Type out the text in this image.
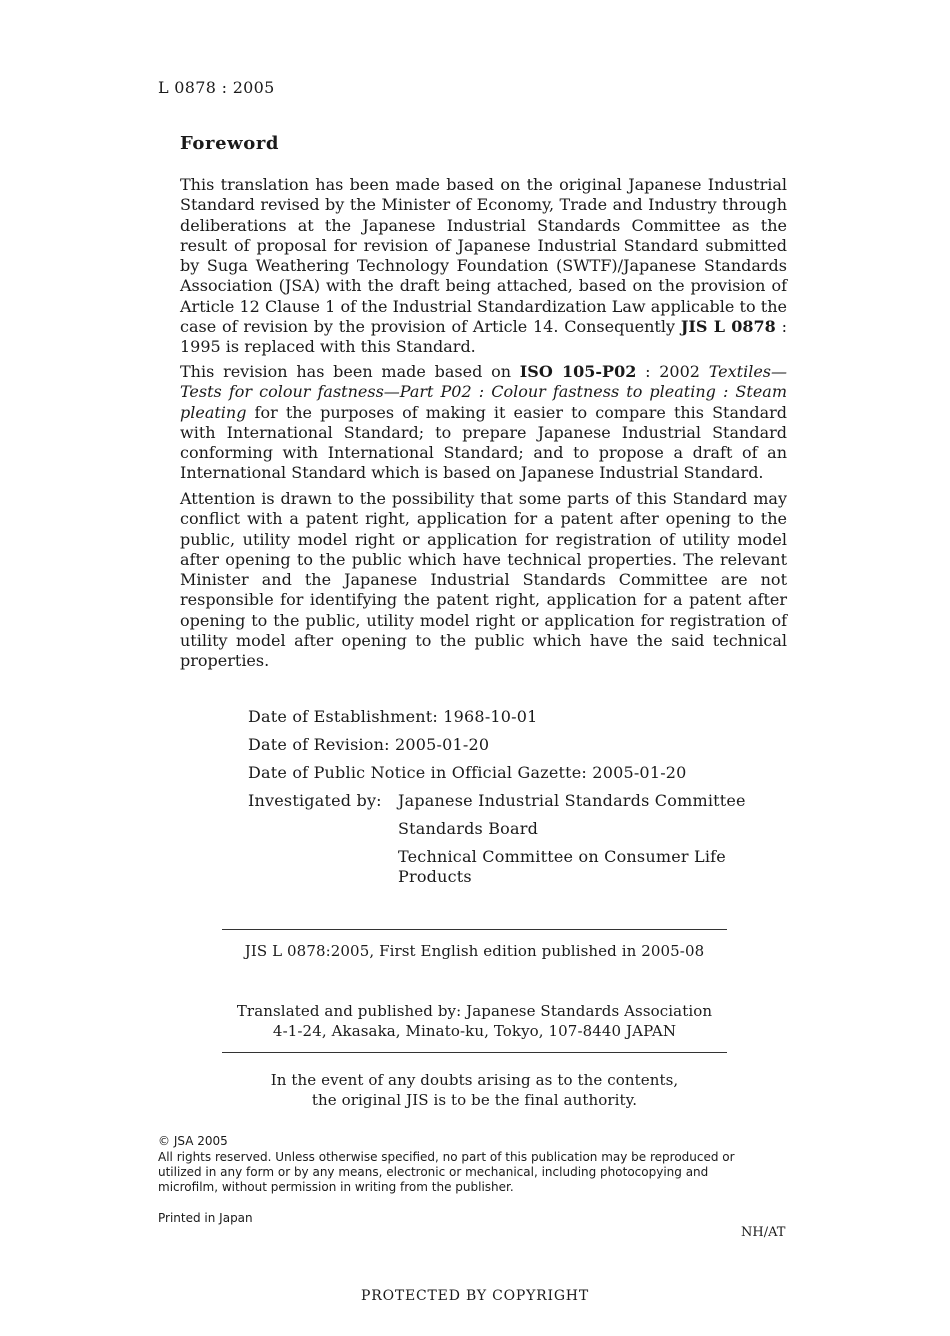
L 0878 : 2005
Foreword
This translation has been made based on the original Japanese Industrial Standard revised by the Minister of Economy, Trade and Industry through deliberations at the Japanese Industrial Standards Committee as the result of proposal for revision of Japanese Industrial Standard submitted by Suga Weathering Technology Foundation (SWTF)/Japanese Standards Association (JSA) with the draft being attached, based on the provision of Article 12 Clause 1 of the Industrial Standardization Law applicable to the case of revision by the provision of Article 14. Consequently JIS L 0878 : 1995 is replaced with this Standard.
This revision has been made based on ISO 105-P02 : 2002 Textiles—Tests for colour fastness—Part P02 : Colour fastness to pleating : Steam pleating for the purposes of making it easier to compare this Standard with International Standard; to prepare Japanese Industrial Standard conforming with International Standard; and to propose a draft of an International Standard which is based on Japanese Industrial Standard.
Attention is drawn to the possibility that some parts of this Standard may conflict with a patent right, application for a patent after opening to the public, utility model right or application for registration of utility model after opening to the public which have technical properties. The relevant Minister and the Japanese Industrial Standards Committee are not responsible for identifying the patent right, application for a patent after opening to the public, utility model right or application for registration of utility model after opening to the public which have the said technical properties.
Date of Establishment: 1968-10-01
Date of Revision: 2005-01-20
Date of Public Notice in Official Gazette: 2005-01-20
Investigated by: Japanese Industrial Standards Committee
Standards Board
Technical Committee on Consumer Life
Products
JIS L 0878:2005, First English edition published in 2005-08
Translated and published by: Japanese Standards Association
4-1-24, Akasaka, Minato-ku, Tokyo, 107-8440 JAPAN
In the event of any doubts arising as to the contents,
the original JIS is to be the final authority.
© JSA 2005
All rights reserved. Unless otherwise specified, no part of this publication may be reproduced or
utilized in any form or by any means, electronic or mechanical, including photocopying and
microfilm, without permission in writing from the publisher.
Printed in Japan
NH/AT
PROTECTED BY COPYRIGHT
